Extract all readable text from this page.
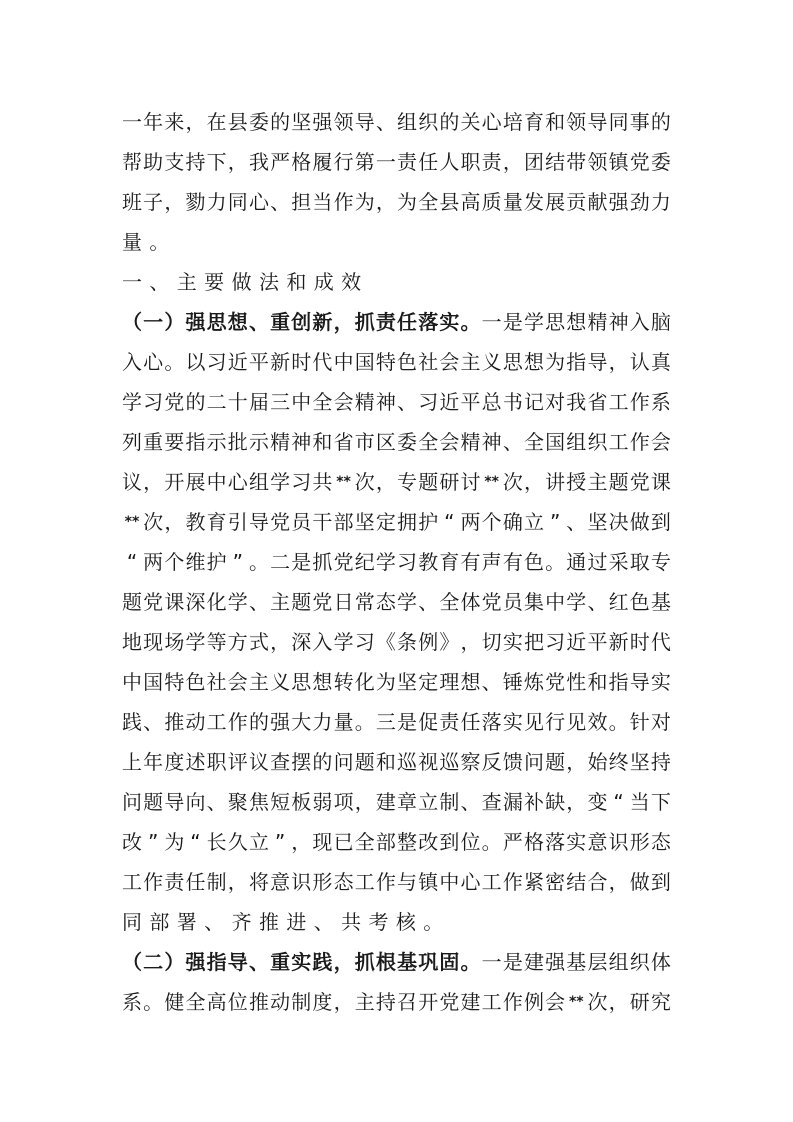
一 年 来 ， 在 县 委 的 坚 强 领 导 、 组 织 的 关 心 培 育 和 领 导 同 事 的
帮 助 支 持 下 ， 我 严 格 履 行 第 一 责 任 人 职 责 ， 团 结 带 领 镇 党 委
班 子 ， 勠 力 同 心 、 担 当 作 为 ， 为 全 县 高 质 量 发 展 贡 献 强 劲 力
量 。
一 、 主 要 做 法 和 成 效
（ 一 ） 强 思 想 、 重 创 新 ， 抓 责 任 落 实 。 一 是 学 思 想 精 神 入 脑
入 心 。 以 习 近 平 新 时 代 中 国 特 色 社 会 主 义 思 想 为 指 导 ， 认 真
学 习 党 的 二 十 届 三 中 全 会 精 神 、 习 近 平 总 书 记 对 我 省 工 作 系
列 重 要 指 示 批 示 精 神 和 省 市 区 委 全 会 精 神 、 全 国 组 织 工 作 会
议 ， 开 展 中 心 组 学 习 共 ** 次 ， 专 题 研 讨 ** 次 ， 讲 授 主 题 党 课
** 次 ， 教 育 引 导 党 员 干 部 坚 定 拥 护 “ 两 个 确 立 ” 、 坚 决 做 到
“ 两 个 维 护 ” 。 二 是 抓 党 纪 学 习 教 育 有 声 有 色 。 通 过 采 取 专
题 党 课 深 化 学 、 主 题 党 日 常 态 学 、 全 体 党 员 集 中 学 、 红 色 基
地 现 场 学 等 方 式 ， 深 入 学 习 《 条 例 》 ， 切 实 把 习 近 平 新 时 代
中 国 特 色 社 会 主 义 思 想 转 化 为 坚 定 理 想 、 锤 炼 党 性 和 指 导 实
践 、 推 动 工 作 的 强 大 力 量 。 三 是 促 责 任 落 实 见 行 见 效 。 针 对
上 年 度 述 职 评 议 查 摆 的 问 题 和 巡 视 巡 察 反 馈 问 题 ， 始 终 坚 持
问 题 导 向 、 聚 焦 短 板 弱 项 ， 建 章 立 制 、 查 漏 补 缺 ， 变 “ 当 下
改 ” 为 “ 长 久 立 ” ， 现 已 全 部 整 改 到 位 。 严 格 落 实 意 识 形 态
工 作 责 任 制 ， 将 意 识 形 态 工 作 与 镇 中 心 工 作 紧 密 结 合 ， 做 到
同 部 署 、 齐 推 进 、 共 考 核 。
（ 二 ） 强 指 导 、 重 实 践 ， 抓 根 基 巩 固 。 一 是 建 强 基 层 组 织 体
系 。 健 全 高 位 推 动 制 度 ， 主 持 召 开 党 建 工 作 例 会 ** 次 ， 研 究
